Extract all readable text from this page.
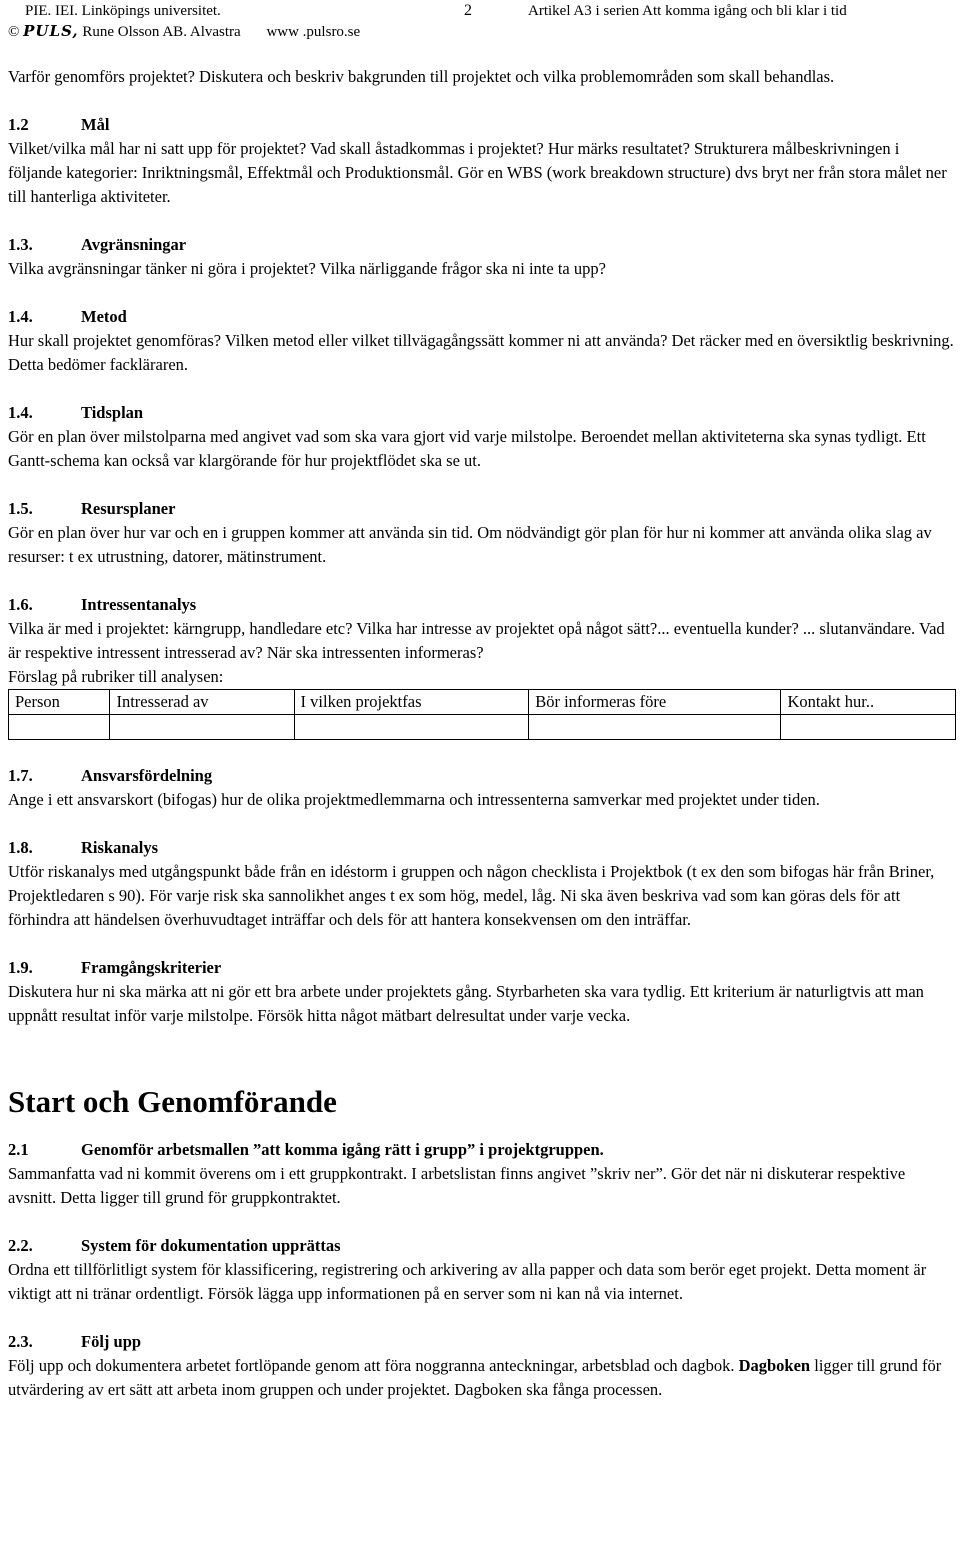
PIE. IEI. Linköpings universitet.	2	Artikel A3 i serien Att komma igång och bli klar i tid
© PULS, Rune Olsson AB. Alvastra www .pulsro.se

Varför genomförs projektet? Diskutera och beskriv bakgrunden till projektet och vilka problemområden som skall behandlas.

1.2	Mål

Vilket/vilka mål har ni satt upp för projektet? Vad skall åstadkommas i projektet? Hur märks resultatet? Strukturera målbeskrivningen i följande kategorier: Inriktningsmål, Effektmål och Produktionsmål. Gör en WBS (work breakdown structure) dvs bryt ner från stora målet ner till hanterliga aktiviteter.

1.3.	Avgränsningar

Vilka avgränsningar tänker ni göra i projektet? Vilka närliggande frågor ska ni inte ta upp?

1.4.	Metod

Hur skall projektet genomföras? Vilken metod eller vilket tillvägagångssätt kommer ni att använda? Det räcker med en översiktlig beskrivning. Detta bedömer fackläraren.

1.4.	Tidsplan

Gör en plan över milstolparna med angivet vad som ska vara gjort vid varje milstolpe. Beroendet mellan aktiviteterna ska synas tydligt. Ett Gantt-schema kan också var klargörande för hur projektflödet ska se ut.

1.5.	Resursplaner

Gör en plan över hur var och en i gruppen kommer att använda sin tid. Om nödvändigt gör plan för hur ni kommer att använda olika slag av resurser: t ex utrustning, datorer, mätinstrument.

1.6.	Intressentanalys

Vilka är med i projektet: kärngrupp, handledare etc? Vilka har intresse av projektet opå något sätt?... eventuella kunder? ... slutanvändare. Vad är respektive intressent intresserad av? När ska intressenten informeras?

Förslag på rubriker till analysen:

Person	Intresserad av	I vilken projektfas	Bör informeras före	Kontakt hur..

1.7.	Ansvarsfördelning

Ange i ett ansvarskort (bifogas) hur de olika projektmedlemmarna och intressenterna samverkar med projektet under tiden.

1.8.	Riskanalys

Utför riskanalys med utgångspunkt både från en idéstorm i gruppen och någon checklista i Projektbok (t ex den som bifogas här från Briner, Projektledaren s 90). För varje risk ska sannolikhet anges t ex som hög, medel, låg. Ni ska även beskriva vad som kan göras dels för att förhindra att händelsen överhuvudtaget inträffar och dels för att hantera konsekvensen om den inträffar.

1.9.	Framgångskriterier

Diskutera hur ni ska märka att ni gör ett bra arbete under projektets gång. Styrbarheten ska vara tydlig. Ett kriterium är naturligtvis att man uppnått resultat inför varje milstolpe. Försök hitta något mätbart delresultat under varje vecka.

Start och Genomförande
2.1	Genomför arbetsmallen ”att komma igång rätt i grupp” i projektgruppen.

Sammanfatta vad ni kommit överens om i ett gruppkontrakt. I arbetslistan finns angivet ”skriv ner”. Gör det när ni diskuterar respektive avsnitt. Detta ligger till grund för gruppkontraktet.

2.2.	System för dokumentation upprättas

Ordna ett tillförlitligt system för klassificering, registrering och arkivering av alla papper och data som berör eget projekt. Detta moment är viktigt att ni tränar ordentligt. Försök lägga upp informationen på en server som ni kan nå via internet.

2.3.	Följ upp

Följ upp och dokumentera arbetet fortlöpande genom att föra noggranna anteckningar, arbetsblad och dagbok. Dagboken ligger till grund för utvärdering av ert sätt att arbeta inom gruppen och under projektet. Dagboken ska fånga processen.
